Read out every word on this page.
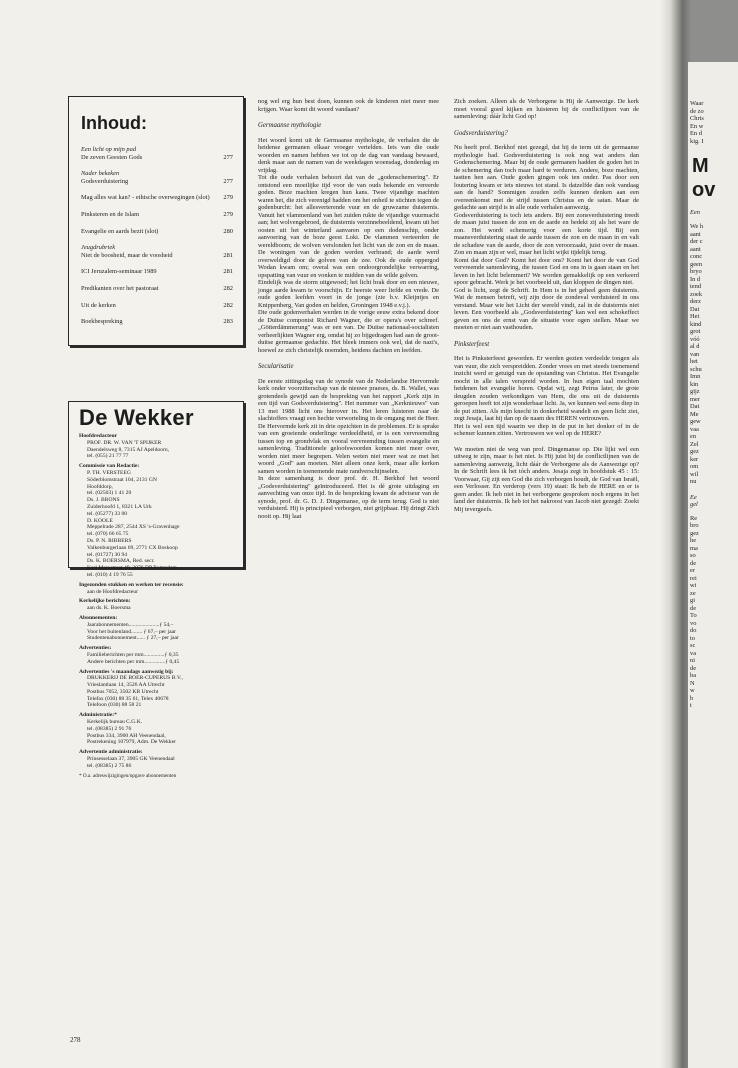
Waar
de zo
Chris
En w
En d
kig. I
M
ov
Een
We h
aant
der c
aant
conc
geen
bryo
In d
tend
zoek
derz
Dat
Het
kind
grot
vóó
al d
van
het
schu
Imn
kin
gijz
mer
Dat
Me
gew
vaa
en
Zel
gez
ker
om
wil
nu
Ee
gel
Re
bro
gez
he
ma
so
de
er
rei
wi
ze
gi
de
To
vo
do
to
sc
va
ni
de
ba
N
w
b
t
Inhoud:
Een licht op mijn pad
De zeven Geesten Gods	277
Nader bekeken
Godsverduistering	277
Mag alles wat kan? - ethische overwegingen (slot)	279
Pinksteren en de Islam	279
Evangelie en aards bezit (slot)	280
Jeugdrubriek
Niet de boosheid, maar de voosheid	281
ICI Jeruzalem-seminaar 1989	281
Predikanten over het pastoraat	282
Uit de kerken	282
Boekbespreking	283
De Wekker
Hoofdredacteur
PROF. DR. W. VAN 'T SPIJKER
Daendelsweg 8, 7315 AJ Apeldoorn,
tel. (055) 21 77 77
Commissie van Redactie:
P. TH. VERSTEEG
Söderblomstraat 104, 2131 GN
Hoofddorp,
tel. (02503) 1 41 20
Ds. J. BRONS
Zuiderhoofd 1, 8321 LA Urk
tel. (05277) 33 00
D. KOOLE
Meppelrade 287, 2544 XS 's-Gravenhage
tel. (070) 66 65 75
Ds. P. N. RIBBERS
Valkenburgerlaan 69, 2771 CX Boskoop
tel. (01727) 30 94
Ds. K. BOERSMA, Red. secr.
Karl Marxstraat 49, 3076 DP Rotterdam
tel. (010) 4 19 76 55
Ingezonden stukken en werken ter recensie:
aan de Hoofdredacteur
Kerkelijke berichten:
aan ds. K. Boersma
Abonnementen:
Jaarabonnementen......................ƒ 54,–
Voor het buitenland........ ƒ 67,– per jaar
Studentenabonnement...... ƒ 27,– per jaar
Advertenties:
Familieberichten per mm...............ƒ 0,35
Andere berichten per mm...............ƒ 0,45
Advertenties 's maandags aanwezig bij:
DRUKKERIJ DE BOER-CUPERUS B.V.,
Vrieslantlaan 14, 3526 AA Utrecht
Postbus 7052, 3502 KB Utrecht
Telefax (030) 88 35 61, Telex 40678
Telefoon (030) 88 58 21
Administratie:*
Kerkelijk bureau C.G.K.
tel. (08385) 2 91 76
Postbus 334, 3900 AH Veenendaal,
Postrekening 107979, Adm. De Wekker
Advertentie administratie:
Prinsesselaan 37, 3905 GK Veenendaal
tel. (08385) 2 75 86
* O.a. adreswijzigingen/opgave abonnementen
278

nog wel erg hun best doen, kunnen ook de kinderen niet meer mee krijgen. Waar komt dit woord vandaan?

Germaanse mythologie

Het woord komt uit de Germaanse mythologie, de verhalen die de heidense germanen elkaar vroeger vertelden. Iets van die oude woorden en namen hebben we tot op de dag van vandaag bewaard, denk maar aan de namen van de weekdagen woensdag, donderdag en vrijdag.

Tot die oude verhalen behoort dat van de „godenschemering". Er ontstond een moeilijke tijd voor de van ouds bekende en vereerde goden. Boze machten kregen hun kans. Twee vijandige machten waren het, die zich verenigd hadden om het onheil te stichten tegen de godenburcht: het allesverterende vuur en de gruwzame duisternis. Vanuit het vlammenland van het zuiden rukte de vijandige vuurmacht aan; het wolvengebroed, de duisternis verzinnebeeldend, kwam uit het oosten uit het winterland aanvaren op een dodenschip, onder aanvoering van de boze geest Loki. De vlammen verteerden de wereldboom; de wolven verslonden het licht van de zon en de maan. De woningen van de goden werden verbrand; de aarde werd overweldigd door de golven van de zee. Ook de oude oppergod Wodan kwam om; overal was een ondoorgrondelijke verwarring, opspatting van vuur en vonken te midden van de wilde golven.

Eindelijk was de storm uitgewoed; het licht brak door en een nieuwe, jonge aarde kwam te voorschijn. Er heerste weer liefde en vrede. De oude goden leefden voort in de jonge (zie b.v. Kleijntjes en Knippenberg, Van goden en helden, Groningen 1948 e.v.j.).

Die oude godenverhalen werden in de vorige eeuw extra bekend door de Duitse componist Richard Wagner, die er opera's over schreef. „Götterdämmerung" was er een van. De Duitse nationaal-socialisten verheerlijkten Wagner erg, omdat hij zo bijgedragen had aan de groot-duitse germaanse gedachte. Het bleek immers ook wel, dat de nazi's, hoewel ze zich christelijk noemden, heidens dachten en leefden.

Secularisatie

De eerste zittingsdag van de synode van de Nederlandse Hervormde kerk onder voorzitterschap van de nieuwe praeses, ds. B. Wallet, was grotendeels gewijd aan de bespreking van het rapport „Kerk zijn in een tijd van Godsverduistering". Het nummer van „Kerknieuws" van 13 mei 1988 licht ons hierover in. Het leren luisteren naar de slachtoffers vraagt een hechte verworteling in de omgang met de Heer. De Hervormde kerk zit in drie opzichten in de problemen. Er is sprake van een groeiende onderlinge verdeeldheid, er is een vervreemding tussen top en grondvlak en vooral vervreemding tussen evangelie en samenleving. Traditionele geloofswoorden komen niet meer over, worden niet meer begrepen. Velen weten niet meer wat ze met het woord „God" aan moeten. Niet alleen onze kerk, maar alle kerken samen worden in toenemende mate randverschijnselen.

In deze samenhang is door prof. dr. H. Berkhof het woord „Godsverduistering" geïntroduceerd. Het is dé grote uitdaging en aanvechting van onze tijd. In de bespreking kwam de adviseur van de synode, prof. dr. G. D. J. Dingemanse, op de term terug. God is niet verduisterd. Hij is principieel verborgen, niet grijpbaar. Hij dringt Zich nooit op. Hij laat

Zich zoeken. Alleen als de Verborgene is Hij de Aanwezige. De kerk moet vooral goed kijken en luisteren bij de conflictlijnen van de samenleving: dáár licht God op!

Godsverduistering?

Nu heeft prof. Berkhof niet gezegd, dat hij de term uit de germaanse mythologie had. Godsverduistering is ook nog wat anders dan Godenschemering. Maar bij de oude germanen hadden de goden het in de schemering dan toch maar hard te verduren. Andere, boze machten, tastten hen aan. Oude goden gingen ook ten onder. Pas door een loutering kwam er iets nieuws tot stand. Is datzelfde dan ook vandaag aan de hand? Sommigen zouden zelfs kunnen denken aan een overeenkomst met de strijd tussen Christus en de satan. Maar de gedachte aan strijd is in alle oude verhalen aanwezig.

Godsverduistering is toch iets anders. Bij een zonsverduistering treedt de maan juist tussen de zon en de aarde en bedekt zij als het ware de zon. Het wordt schemerig voor een korte tijd. Bij een maansverduistering staat de aarde tussen de zon en de maan in en valt de schaduw van de aarde, door de zon veroorzaakt, juist over de maan. Zon en maan zijn er wel, maar het licht wijkt tijdelijk terug.

Komt dat door God? Komt het door ons? Komt het door de van God vervreemde samenleving, die tussen God en ons in is gaan staan en het leven in het licht belemmert? We worden gemakkelijk op een verkeerd spoor gebracht. Werk je het voorbeeld uit, dan kloppen de dingen niet.

God is licht, zegt de Schrift. In Hem is in het geheel geen duisternis. Wat de mensen betreft, wij zijn door de zondeval verduisterd in ons verstand. Maar wie het Licht der wereld vindt, zal in de duisternis niet leven. Een voorbeeld als „Godsverduistering" kan wel een schokeffect geven en ons de ernst van de situatie voor ogen stellen. Maar we moeten er niet aan vasthouden.

Pinksterfeest

Het is Pinksterfeest geworden. Er werden gezien verdeelde tongen als van vuur, die zich verspreidden. Zonder vrees en met steeds toenemend inzicht werd er getuigd van de opstanding van Christus. Het Evangelie mocht in alle talen verspreid worden. In hun eigen taal mochten heidenen het evangelie horen. Opdat wij, zegt Petrus later, de grote deugden zouden verkondigen van Hem, die ons uit de duisternis geroepen heeft tot zijn wonderbaar licht. Ja, we kunnen wel eens diep in de put zitten. Als mijn knecht in donkerheid wandelt en geen licht ziet, zegt Jesaja, laat hij dan op de naam des HEREN vertrouwen.

Het is wel een tijd waarin we diep in de put in het donker of in de schemer kunnen zitten. Vertrouwen we wel op de HERE?

We moeten niet de weg van prof. Dingemanse op. Die lijkt wel een uitweg te zijn, maar is het niet. Is Hij juist bij de conflictlijnen van de samenleving aanwezig, licht dáár de Verborgene als de Aanwezige op? In de Schrift lees ik het tóch anders. Jesaja zegt in hoofdstuk 45 : 15: Voorwaar, Gij zijt een God die zich verborgen houdt, de God van Israël, een Verlosser. En verderop (vers 19) staat: Ik heb de HERE en er is geen ander. Ik heb niet in het verborgene gesproken noch ergens in het land der duisternis. Ik heb tot het nakroost van Jacob niet gezegd: Zoekt Mij tevergeefs.
